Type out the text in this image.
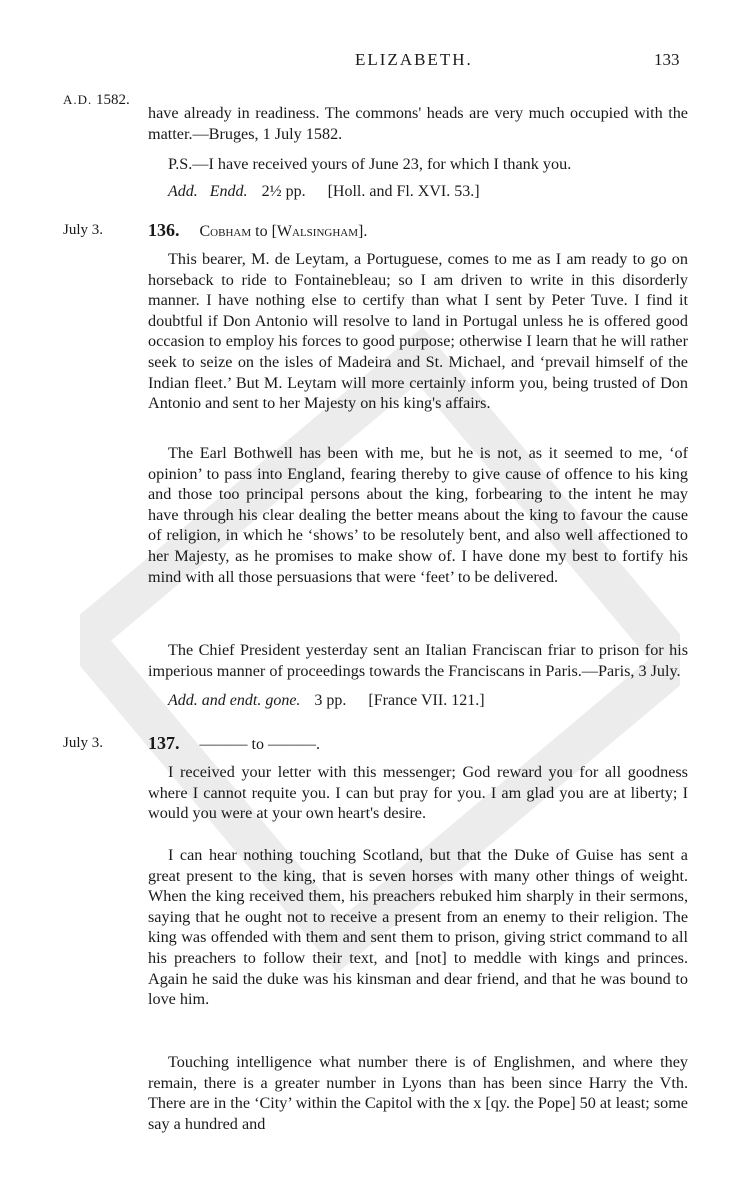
ELIZABETH.	133
A.D. 1582.

have already in readiness. The commons' heads are very much occupied with the matter.—Bruges, 1 July 1582.

P.S.—I have received yours of June 23, for which I thank you.

Add. Endd. 2½ pp. [Holl. and Fl. XVI. 53.]
July 3. 136. Cobham to [Walsingham].

This bearer, M. de Leytam, a Portuguese, comes to me as I am ready to go on horseback to ride to Fontainebleau; so I am driven to write in this disorderly manner. I have nothing else to certify than what I sent by Peter Tuve. I find it doubtful if Don Antonio will resolve to land in Portugal unless he is offered good occasion to employ his forces to good purpose; otherwise I learn that he will rather seek to seize on the isles of Madeira and St. Michael, and ‘prevail himself of the Indian fleet.’ But M. Leytam will more certainly inform you, being trusted of Don Antonio and sent to her Majesty on his king's affairs.

The Earl Bothwell has been with me, but he is not, as it seemed to me, ‘of opinion’ to pass into England, fearing thereby to give cause of offence to his king and those too principal persons about the king, forbearing to the intent he may have through his clear dealing the better means about the king to favour the cause of religion, in which he ‘shows’ to be resolutely bent, and also well affectioned to her Majesty, as he promises to make show of. I have done my best to fortify his mind with all those persuasions that were ‘feet’ to be delivered.

The Chief President yesterday sent an Italian Franciscan friar to prison for his imperious manner of proceedings towards the Franciscans in Paris.—Paris, 3 July.

Add. and endt. gone. 3 pp. [France VII. 121.]
July 3. 137. ——— to ———.

I received your letter with this messenger; God reward you for all goodness where I cannot requite you. I can but pray for you. I am glad you are at liberty; I would you were at your own heart's desire.

I can hear nothing touching Scotland, but that the Duke of Guise has sent a great present to the king, that is seven horses with many other things of weight. When the king received them, his preachers rebuked him sharply in their sermons, saying that he ought not to receive a present from an enemy to their religion. The king was offended with them and sent them to prison, giving strict command to all his preachers to follow their text, and [not] to meddle with kings and princes. Again he said the duke was his kinsman and dear friend, and that he was bound to love him.

Touching intelligence what number there is of Englishmen, and where they remain, there is a greater number in Lyons than has been since Harry the Vth. There are in the ‘City’ within the Capitol with the x [qy. the Pope] 50 at least; some say a hundred and
